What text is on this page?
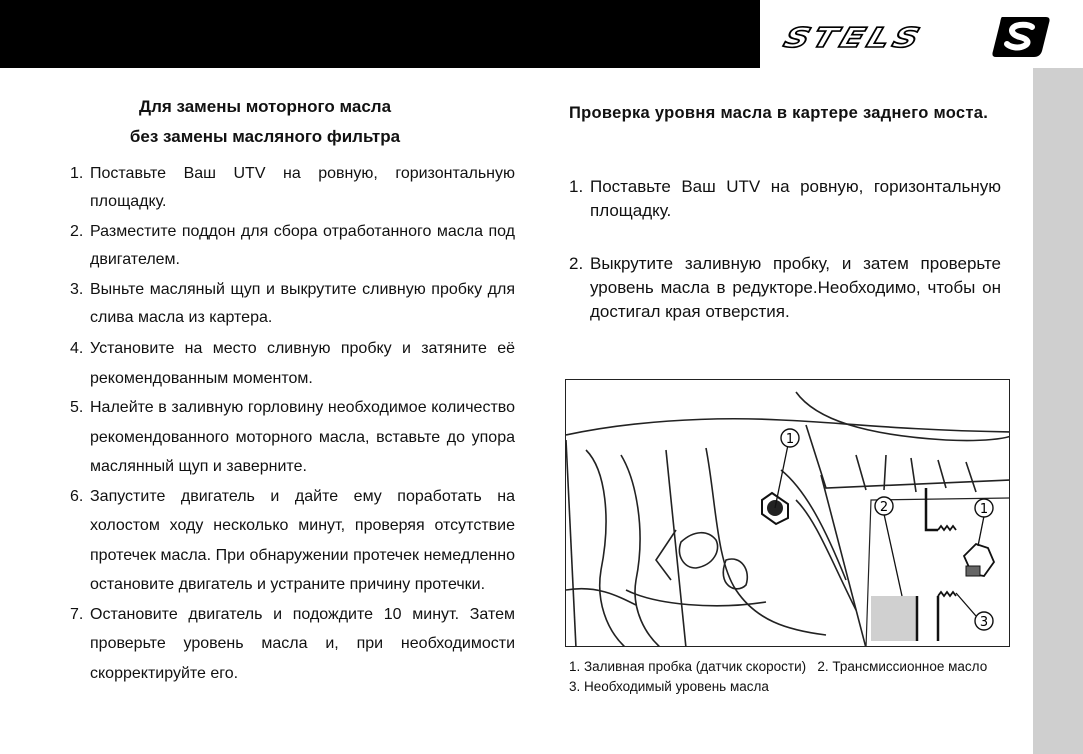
STELS
Для замены моторного масла
без замены масляного фильтра
1. Поставьте Ваш UTV на ровную, горизонтальную площадку.
2. Разместите поддон для сбора отработанного масла под двигателем.
3. Выньте масляный щуп и выкрутите сливную пробку для слива масла из картера.
4. Установите на место сливную пробку и затяните её рекомендованным моментом.
5. Налейте в заливную горловину необходимое количество рекомендованного моторного масла, вставьте до упора маслянный щуп и заверните.
6. Запустите двигатель и дайте ему поработать на холостом ходу несколько минут, проверяя отсутствие протечек масла. При обнаружении протечек немедленно остановите двигатель и устраните причину протечки.
7. Остановите двигатель и подождите 10 минут. Затем проверьте уровень масла и, при необходимости скорректируйте его.
Проверка уровня масла в картере заднего моста.
1. Поставьте Ваш UTV на ровную, горизонтальную площадку.
2. Выкрутите заливную пробку, и затем проверьте уровень масла в редукторе.Необходимо, чтобы он достигал края отверстия.
1
2	1
3
1. Заливная пробка (датчик скорости) 2. Трансмиссионное масло
3. Необходимый уровень масла
